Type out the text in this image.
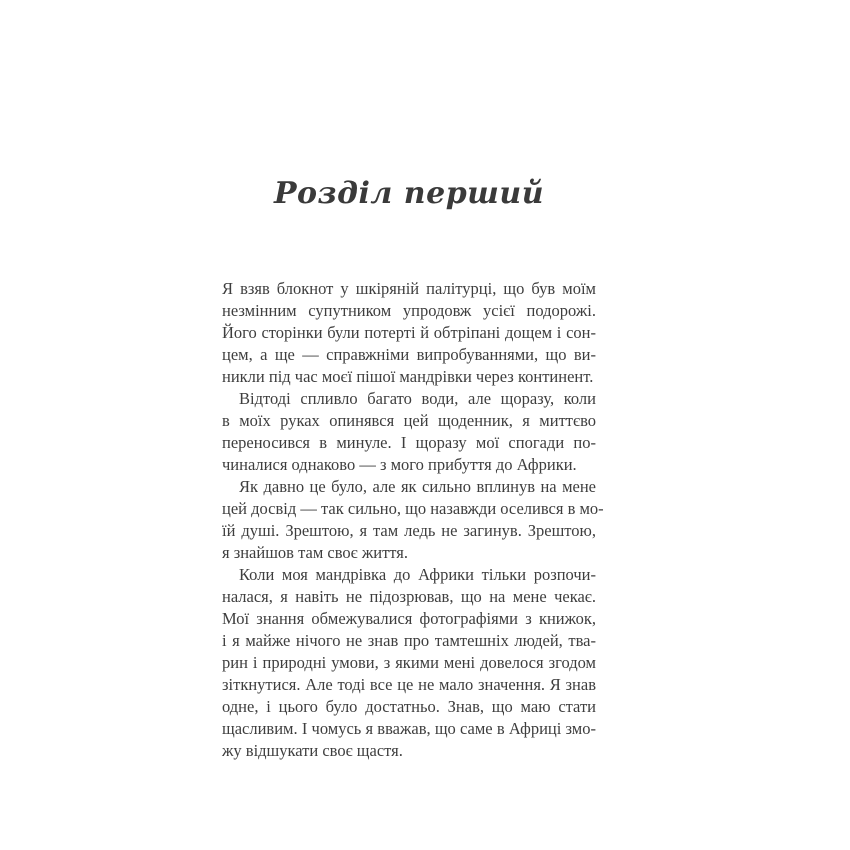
Розділ перший
Я взяв блокнот у шкіряній палітурці, що був моїм
незмінним супутником упродовж усієї подорожі.
Його сторінки були потерті й обтріпані дощем і сон-
цем, а ще — справжніми випробуваннями, що ви-
никли під час моєї пішої мандрівки через континент.
Відтоді спливло багато води, але щоразу, коли
в моїх руках опинявся цей щоденник, я миттєво
переносився в минуле. І щоразу мої спогади по-
чиналися однаково — з мого прибуття до Африки.
Як давно це було, але як сильно вплинув на мене
цей досвід — так сильно, що назавжди оселився в мо-
їй душі. Зрештою, я там ледь не загинув. Зрештою,
я знайшов там своє життя.
Коли моя мандрівка до Африки тільки розпочи-
налася, я навіть не підозрював, що на мене чекає.
Мої знання обмежувалися фотографіями з книжок,
і я майже нічого не знав про тамтешніх людей, тва-
рин і природні умови, з якими мені довелося згодом
зіткнутися. Але тоді все це не мало значення. Я знав
одне, і цього було достатньо. Знав, що маю стати
щасливим. І чомусь я вважав, що саме в Африці змо-
жу відшукати своє щастя.
